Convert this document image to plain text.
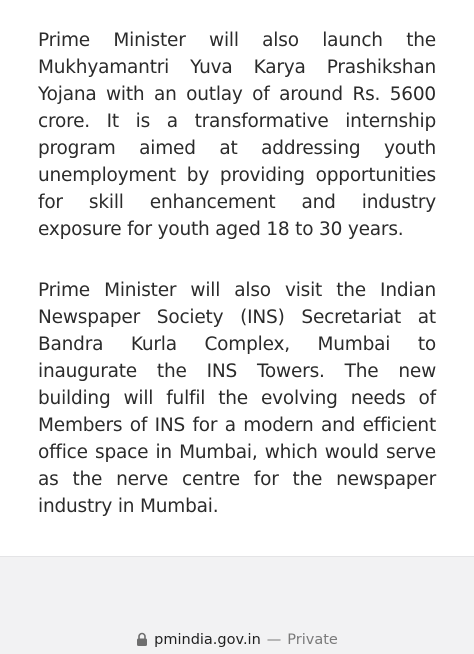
Prime Minister will also launch the Mukhyamantri Yuva Karya Prashikshan Yojana with an outlay of around Rs. 5600 crore. It is a transformative internship program aimed at addressing youth unemployment by providing opportunities for skill enhancement and industry exposure for youth aged 18 to 30 years.

Prime Minister will also visit the Indian Newspaper Society (INS) Secretariat at Bandra Kurla Complex, Mumbai to inaugurate the INS Towers. The new building will fulfil the evolving needs of Members of INS for a modern and efficient office space in Mumbai, which would serve as the nerve centre for the newspaper industry in Mumbai.

pmindia.gov.in — Private
